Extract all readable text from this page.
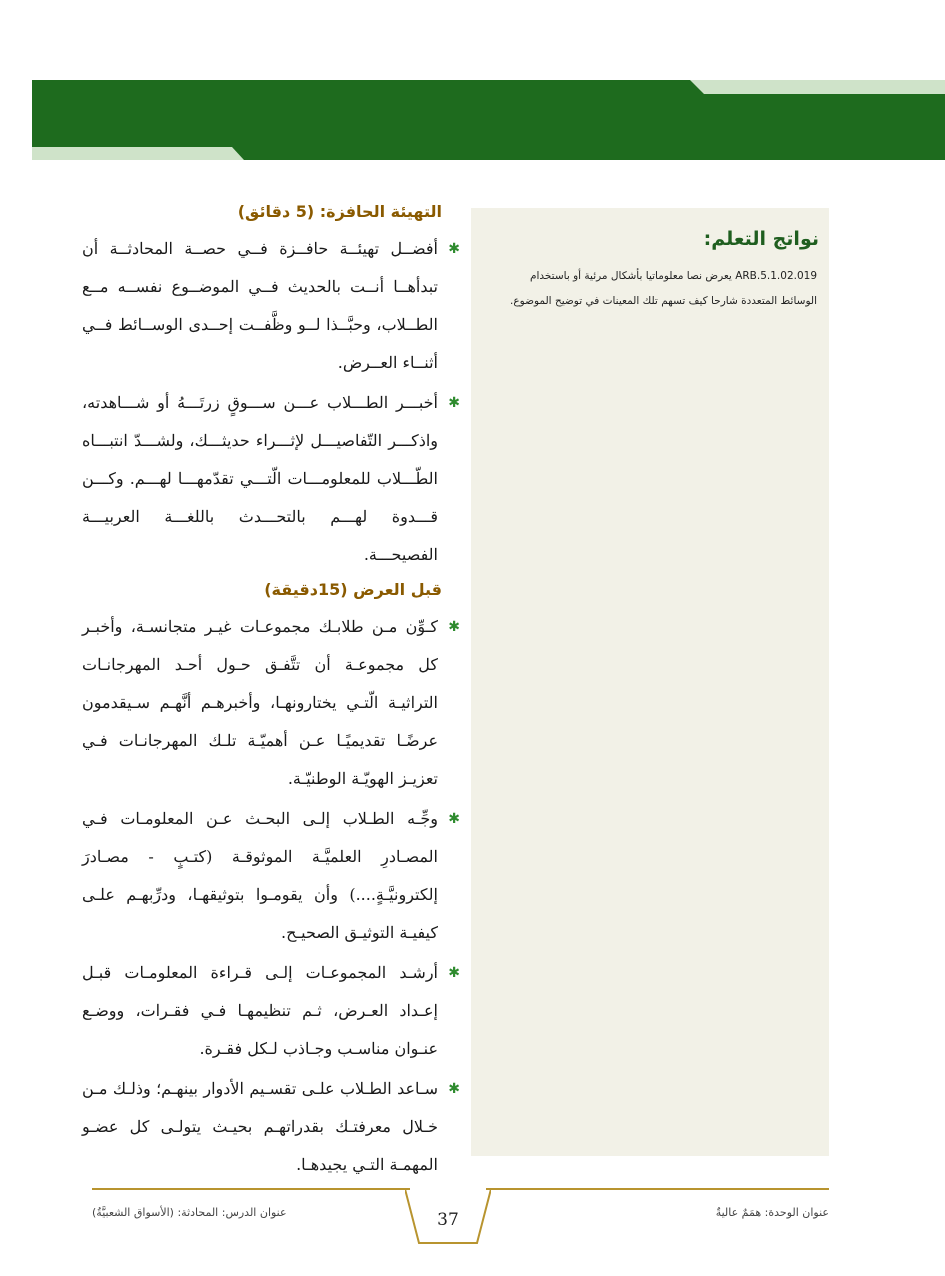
نواتج التعلم:
ARB.5.1.02.019 يعرض نصا معلوماتيا بأشكال مرئية أو باستخدام الوسائط المتعددة شارحا كيف تسهم تلك المعينات في توضيح الموضوع.
التهيئة الحافزة: (5 دقائق)
✱
أفضــل تهيئــة حافــزة فــي حصــة المحادثــة أن تبدأهــا أنــت بالحديث فــي الموضــوع نفســه مــع الطــلاب، وحبَّــذا لــو وظَّفــت إحــدى الوســائط فــي أثنــاء العــرض.
✱
أخبـــر الطـــلاب عـــن ســـوقٍ زرتَـــهُ أو شـــاهدته، واذكـــر التّفاصيـــل لإثـــراء حديثـــك، ولشـــدّ انتبـــاه الطّـــلاب للمعلومـــات الّتـــي تقدّمهـــا لهـــم. وكـــن قـــدوة لهـــم بالتحـــدث باللغـــة العربيـــة الفصيحـــة.
قبل العرض (15دقيقة)
✱
كـوِّن مـن طلابـك مجموعـات غيـر متجانسـة، وأخبـر كل مجموعـة أن تتَّفـق حـول أحـد المهرجانـات التراثيـة الّتـي يختارونهـا، وأخبرهـم أنَّهـم سـيقدمون عرضًـا تقديميًـا عـن أهميّـة تلـك المهرجانـات فـي تعزيـز الهويّـة الوطنيّـة.
✱
وجِّـه الطـلاب إلـى البحـث عـن المعلومـات فـي المصـادرِ العلميَّـة الموثوقـة (كتـبٍ - مصـادرَ إلكترونيَّـةٍ....) وأن يقومـوا بتوثيقهـا، ودرِّبهـم علـى كيفيـة التوثيـق الصحيـح.
✱
أرشـد المجموعـات إلـى قـراءة المعلومـات قبـل إعـداد العـرض، ثـم تنظيمهـا فـي فقـرات، ووضـع عنـوان مناسـب وجـاذب لـكل فقـرة.
✱
سـاعد الطـلاب علـى تقسـيم الأدوار بينهـم؛ وذلـك مـن خـلال معرفتـك بقدراتهـم بحيـث يتولـى كل عضـو المهمـة التـي يجيدهـا.
37	عنوان الوحدة: همَمٌ عاليةٌ
عنوان الدرس: المحادثة: (الأسواق الشعبيَّةُ)
